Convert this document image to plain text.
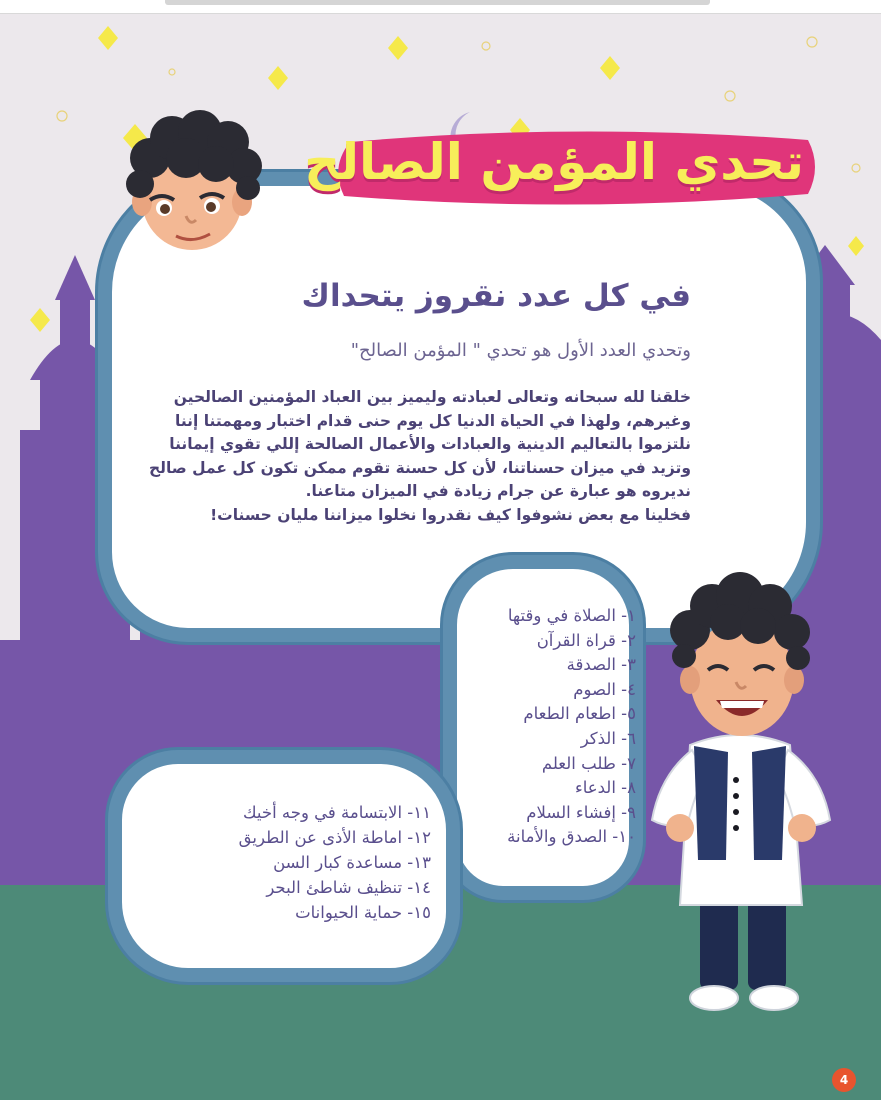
تحدي المؤمن الصالح
في كل عدد نقروز يتحداك
وتحدي العدد الأول هو تحدي " المؤمن الصالح"
خلقنا لله سبحانه وتعالى لعبادته وليميز بين العباد المؤمنين الصالحين
وغيرهم، ولهذا في الحياة الدنيا كل يوم حنى قدام اختبار ومهمتنا إننا
نلتزموا بالتعاليم الدينية والعبادات والأعمال الصالحة إللي تقوي إيماننا
وتزيد في ميزان حسناتنا، لأن كل حسنة تقوم ممكن تكون كل عمل صالح
نديروه هو عبارة عن جرام زيادة في الميزان متاعنا.
فخلينا مع بعض نشوفوا كيف نقدروا نخلوا ميزاننا مليان حسنات!
١- الصلاة في وقتها
٢- قراة القرآن
٣- الصدقة
٤- الصوم
٥- اطعام الطعام
٦- الذكر
٧- طلب العلم
٨- الدعاء
٩- إفشاء السلام
١٠- الصدق والأمانة
١١- الابتسامة في وجه أخيك
١٢- اماطة الأذى عن الطريق
١٣- مساعدة كبار السن
١٤- تنظيف شاطئ البحر
١٥- حماية الحيوانات
4
